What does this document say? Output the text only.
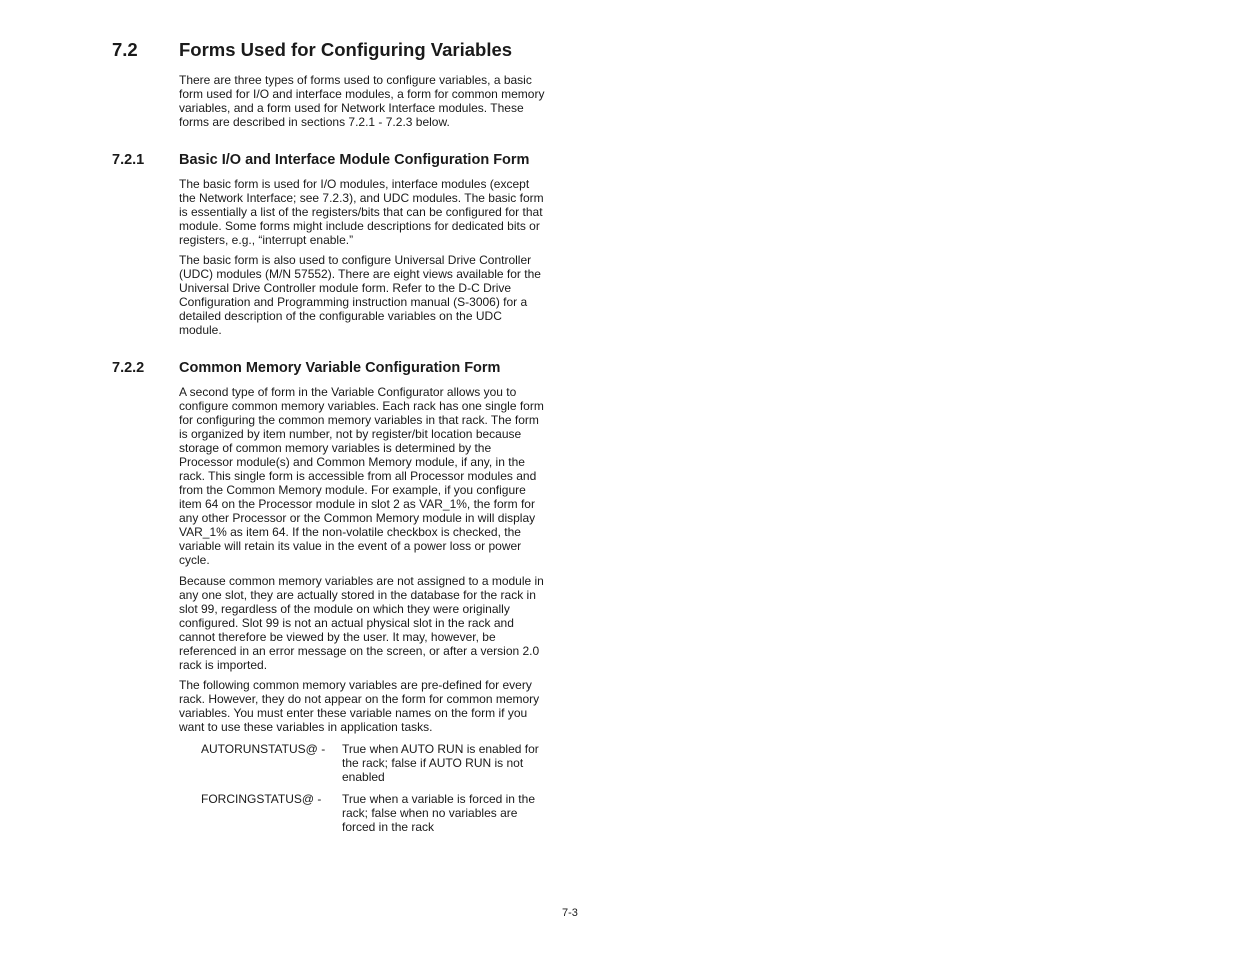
7.2 Forms Used for Configuring Variables

There are three types of forms used to configure variables, a basic
form used for I/O and interface modules, a form for common memory
variables, and a form used for Network Interface modules. These
forms are described in sections 7.2.1 - 7.2.3 below.

7.2.1 Basic I/O and Interface Module Configuration Form

The basic form is used for I/O modules, interface modules (except
the Network Interface; see 7.2.3), and UDC modules. The basic form
is essentially a list of the registers/bits that can be configured for that
module. Some forms might include descriptions for dedicated bits or
registers, e.g., “interrupt enable.”

The basic form is also used to configure Universal Drive Controller
(UDC) modules (M/N 57552). There are eight views available for the
Universal Drive Controller module form. Refer to the D-C Drive
Configuration and Programming instruction manual (S-3006) for a
detailed description of the configurable variables on the UDC
module.

7.2.2 Common Memory Variable Configuration Form

A second type of form in the Variable Configurator allows you to
configure common memory variables. Each rack has one single form
for configuring the common memory variables in that rack. The form
is organized by item number, not by register/bit location because
storage of common memory variables is determined by the
Processor module(s) and Common Memory module, if any, in the
rack. This single form is accessible from all Processor modules and
from the Common Memory module. For example, if you configure
item 64 on the Processor module in slot 2 as VAR_1%, the form for
any other Processor or the Common Memory module in will display
VAR_1% as item 64. If the non-volatile checkbox is checked, the
variable will retain its value in the event of a power loss or power
cycle.

Because common memory variables are not assigned to a module in
any one slot, they are actually stored in the database for the rack in
slot 99, regardless of the module on which they were originally
configured. Slot 99 is not an actual physical slot in the rack and
cannot therefore be viewed by the user. It may, however, be
referenced in an error message on the screen, or after a version 2.0
rack is imported.

The following common memory variables are pre-defined for every
rack. However, they do not appear on the form for common memory
variables. You must enter these variable names on the form if you
want to use these variables in application tasks.

AUTORUNSTATUS@ - True when AUTO RUN is enabled for
the rack; false if AUTO RUN is not
enabled
FORCINGSTATUS@ - True when a variable is forced in the
rack; false when no variables are
forced in the rack
7-3
